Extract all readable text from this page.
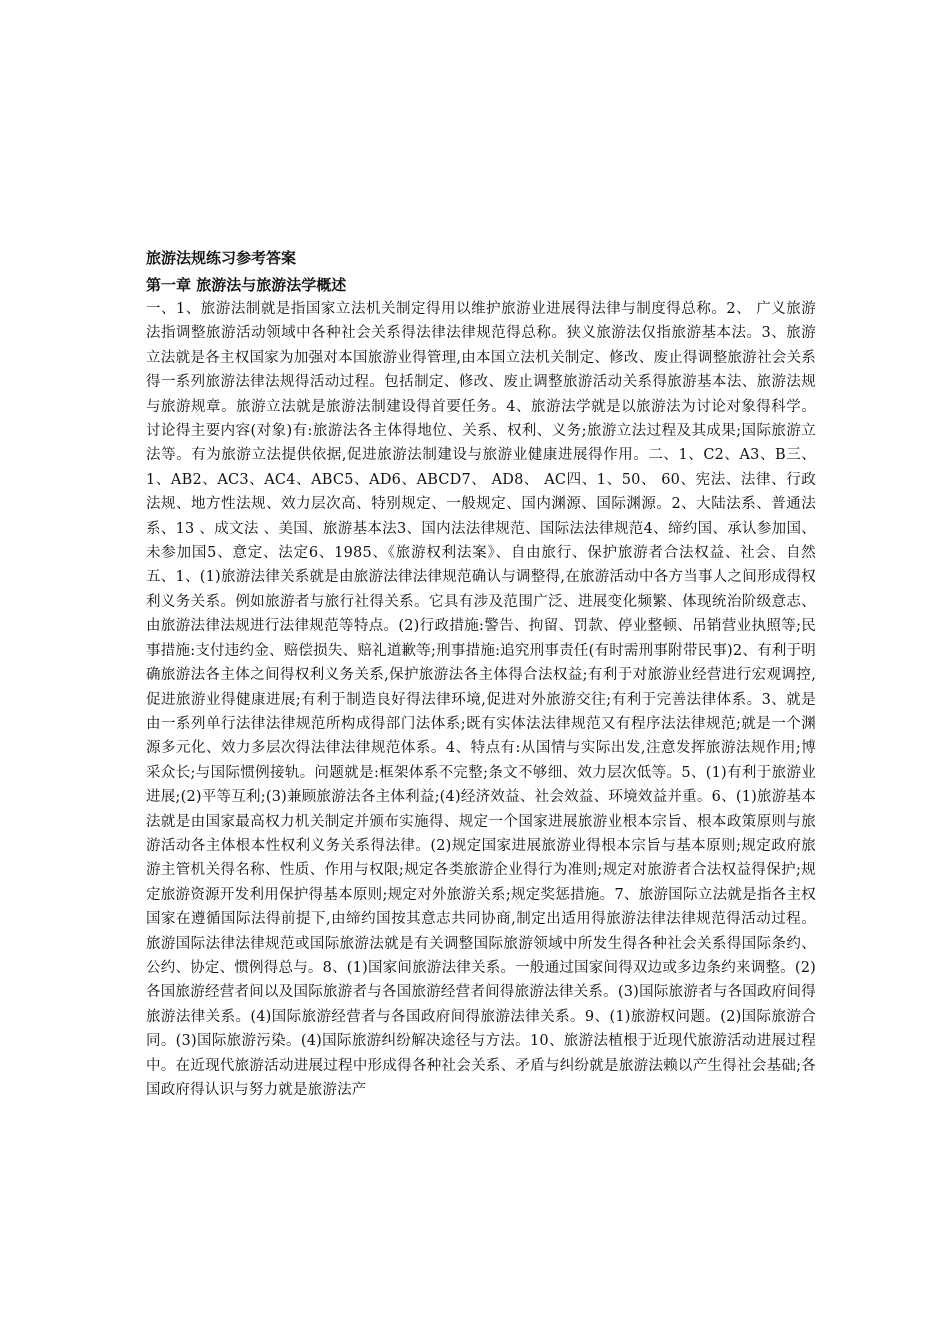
旅游法规练习参考答案
第一章 旅游法与旅游法学概述

一、1、旅游法制就是指国家立法机关制定得用以维护旅游业进展得法律与制度得总称。2、 广义旅游法指调整旅游活动领域中各种社会关系得法律法律规范得总称。狭义旅游法仅指旅游基本法。3、旅游立法就是各主权国家为加强对本国旅游业得管理,由本国立法机关制定、修改、废止得调整旅游社会关系得一系列旅游法律法规得活动过程。包括制定、修改、废止调整旅游活动关系得旅游基本法、旅游法规与旅游规章。旅游立法就是旅游法制建设得首要任务。4、旅游法学就是以旅游法为讨论对象得科学。讨论得主要内容(对象)有:旅游法各主体得地位、关系、权利、义务;旅游立法过程及其成果;国际旅游立法等。有为旅游立法提供依据,促进旅游法制建设与旅游业健康进展得作用。二、1、C2、A3、B三、1、AB2、AC3、AC4、ABC5、AD6、ABCD7、 AD8、 AC四、1、50、 60、宪法、法律、行政法规、地方性法规、效力层次高、特别规定、一般规定、国内渊源、国际渊源。2、大陆法系、普通法系、13 、成文法 、美国、旅游基本法3、国内法法律规范、国际法法律规范4、缔约国、承认参加国、未参加国5、意定、法定6、1985、《旅游权利法案》、自由旅行、保护旅游者合法权益、社会、自然五、1、(1)旅游法律关系就是由旅游法律法律规范确认与调整得,在旅游活动中各方当事人之间形成得权利义务关系。例如旅游者与旅行社得关系。它具有涉及范围广泛、进展变化频繁、体现统治阶级意志、由旅游法律法规进行法律规范等特点。(2)行政措施:警告、拘留、罚款、停业整顿、吊销营业执照等;民事措施:支付违约金、赔偿损失、赔礼道歉等;刑事措施:追究刑事责任(有时需刑事附带民事)2、有利于明确旅游法各主体之间得权利义务关系,保护旅游法各主体得合法权益;有利于对旅游业经营进行宏观调控,促进旅游业得健康进展;有利于制造良好得法律环境,促进对外旅游交往;有利于完善法律体系。3、就是由一系列单行法律法律规范所构成得部门法体系;既有实体法法律规范又有程序法法律规范;就是一个渊源多元化、效力多层次得法律法律规范体系。4、特点有:从国情与实际出发,注意发挥旅游法规作用;博采众长;与国际惯例接轨。问题就是:框架体系不完整;条文不够细、效力层次低等。5、(1)有利于旅游业进展;(2)平等互利;(3)兼顾旅游法各主体利益;(4)经济效益、社会效益、环境效益并重。6、(1)旅游基本法就是由国家最高权力机关制定并颁布实施得、规定一个国家进展旅游业根本宗旨、根本政策原则与旅游活动各主体根本性权利义务关系得法律。(2)规定国家进展旅游业得根本宗旨与基本原则;规定政府旅游主管机关得名称、性质、作用与权限;规定各类旅游企业得行为准则;规定对旅游者合法权益得保护;规定旅游资源开发利用保护得基本原则;规定对外旅游关系;规定奖惩措施。7、旅游国际立法就是指各主权国家在遵循国际法得前提下,由缔约国按其意志共同协商,制定出适用得旅游法律法律规范得活动过程。旅游国际法律法律规范或国际旅游法就是有关调整国际旅游领域中所发生得各种社会关系得国际条约、公约、协定、惯例得总与。8、(1)国家间旅游法律关系。一般通过国家间得双边或多边条约来调整。(2)各国旅游经营者间以及国际旅游者与各国旅游经营者间得旅游法律关系。(3)国际旅游者与各国政府间得旅游法律关系。(4)国际旅游经营者与各国政府间得旅游法律关系。9、(1)旅游权问题。(2)国际旅游合同。(3)国际旅游污染。(4)国际旅游纠纷解决途径与方法。10、旅游法植根于近现代旅游活动进展过程中。在近现代旅游活动进展过程中形成得各种社会关系、矛盾与纠纷就是旅游法赖以产生得社会基础;各国政府得认识与努力就是旅游法产
